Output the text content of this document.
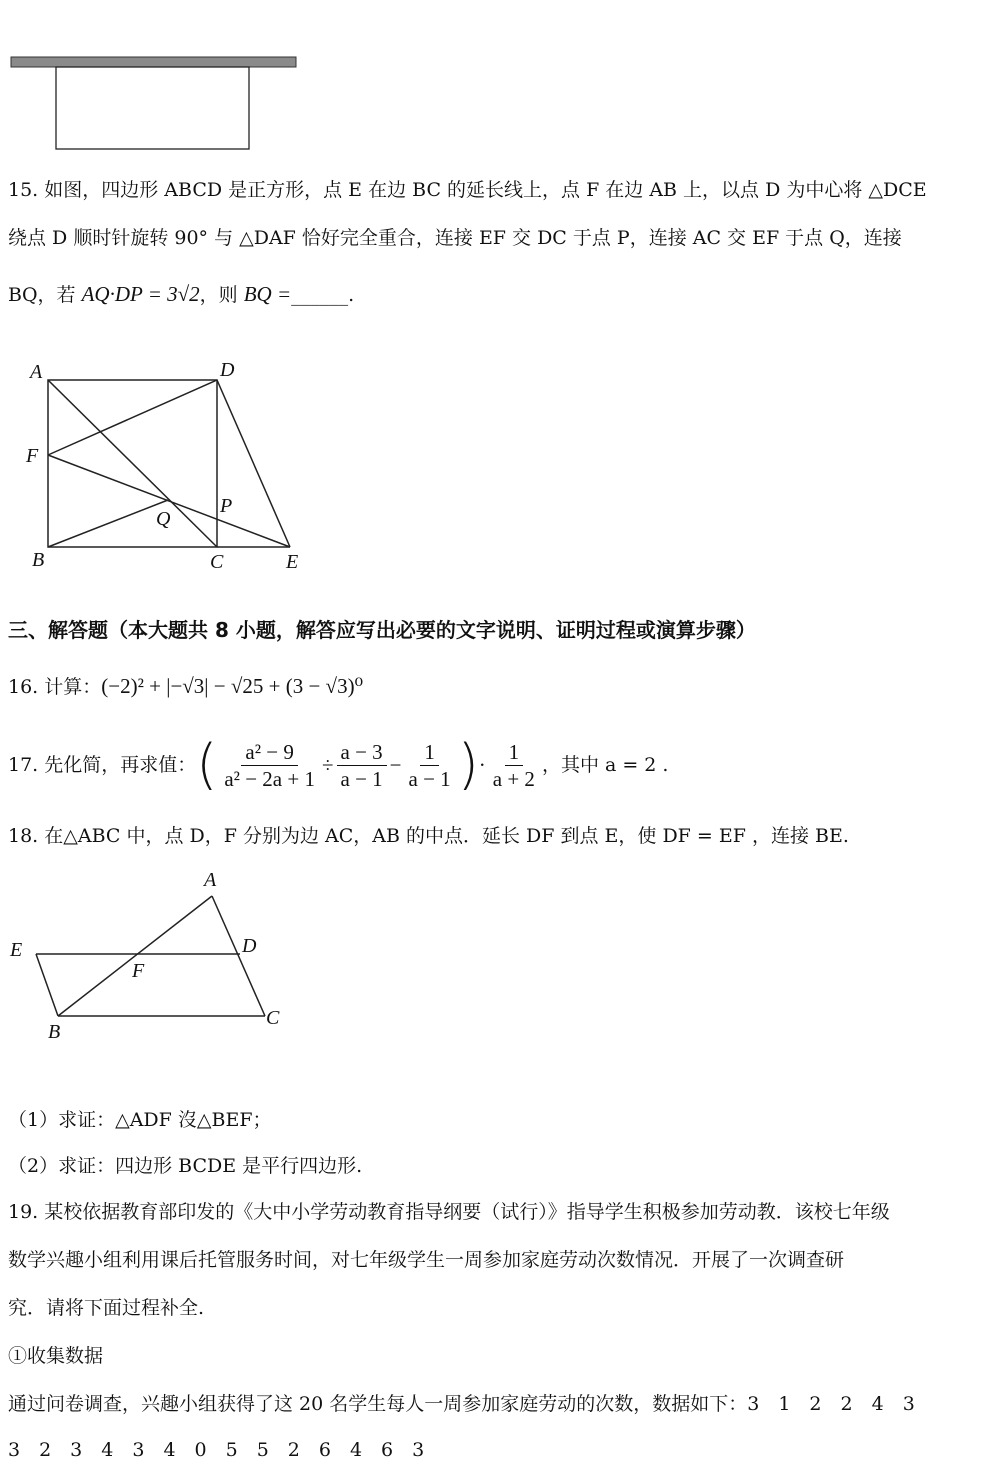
15. 如图，四边形 ABCD 是正方形，点 E 在边 BC 的延长线上，点 F 在边 AB 上，以点 D 为中心将 △DCE
绕点 D 顺时针旋转 90° 与 △DAF 恰好完全重合，连接 EF 交 DC 于点 P，连接 AC 交 EF 于点 Q，连接
BQ，若 AQ·DP = 3√2，则 BQ =______.
A	D
F
P
Q
B	C	E
三、解答题（本大题共 8 小题，解答应写出必要的文字说明、证明过程或演算步骤）
16. 计算：(−2)² + |−√3| − √25 + (3 − √3)⁰
17. 先化简，再求值： ( $\frac{\text{a² − 9}}{\text{a² − 2a + 1}} \div \frac{a - 3}{a - 1} - \frac{1}{a - 1}$ ) · $\frac{1}{a + 2}$ ，其中 a = 2 .
18. 在△ABC 中，点 D，F 分别为边 AC，AB 的中点．延长 DF 到点 E，使 DF = EF ，连接 BE.
A
E	D
F
B
C
（1）求证：△ADF 沒△BEF；
（2）求证：四边形 BCDE 是平行四边形.
19. 某校依据教育部印发的《大中小学劳动教育指导纲要（试行）》指导学生积极参加劳动教．该校七年级
数学兴趣小组利用课后托管服务时间，对七年级学生一周参加家庭劳动次数情况．开展了一次调查研
究．请将下面过程补全.
①收集数据
通过问卷调查，兴趣小组获得了这 20 名学生每人一周参加家庭劳动的次数，数据如下：3　1　2　2　4　3
3　2　3　4　3　4　0　5　5　2　6　4　6　3
